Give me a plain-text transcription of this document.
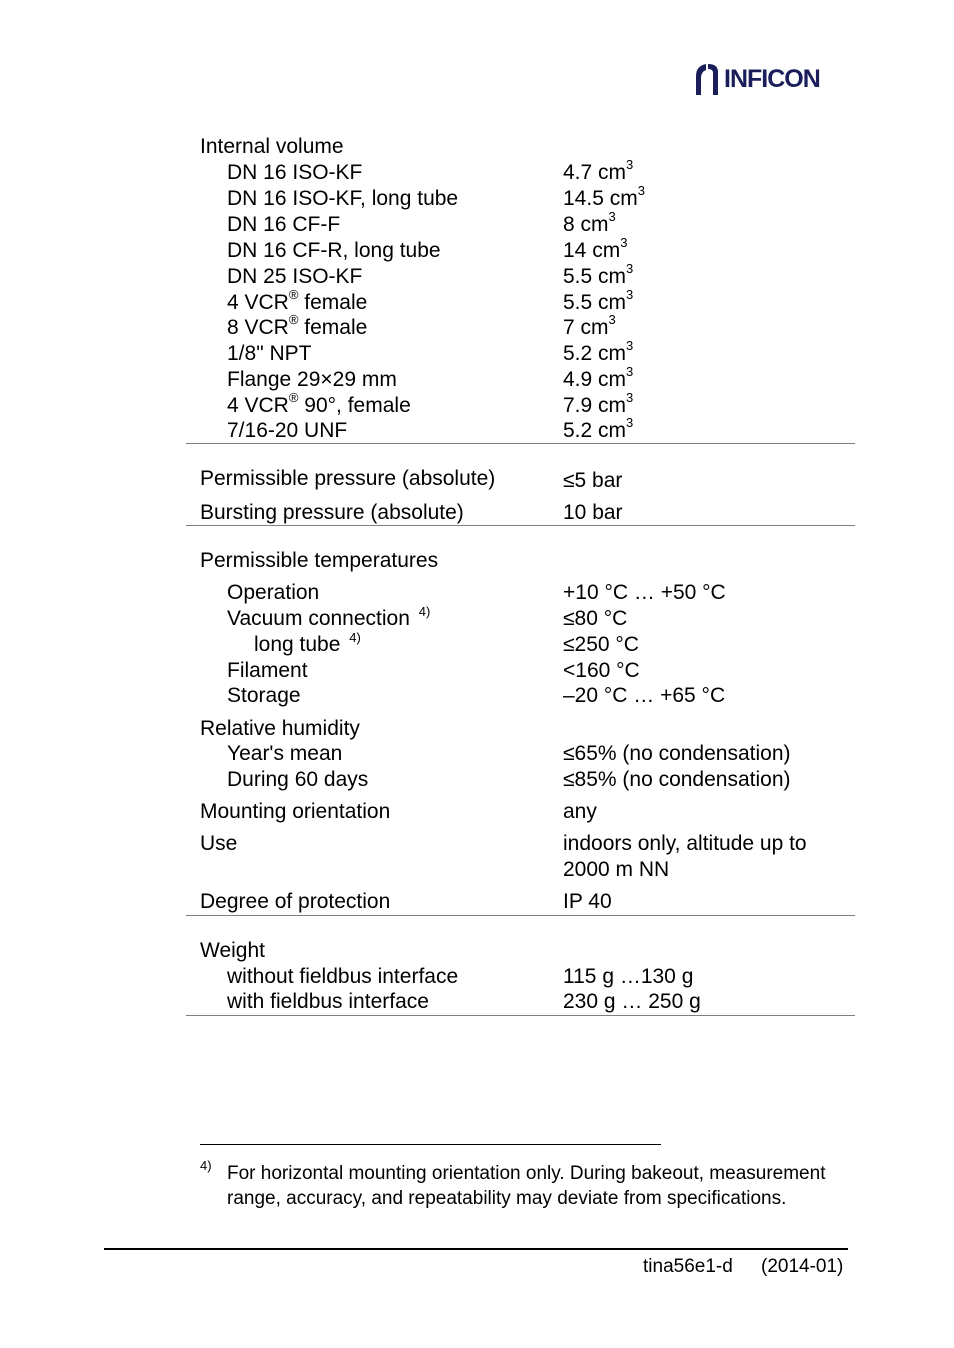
INFICON
Internal volume
DN 16 ISO-KF	4.7 $cm^3$
DN 16 ISO-KF, long tube	14.5 $cm^3$
DN 16 CF-F	8 $cm^3$
DN 16 CF-R, long tube	14 $cm^3$
DN 25 ISO-KF	5.5 $cm^3$
4 VCR® female	5.5 $cm^3$
8 VCR® female	7 $cm^3$
1/8" NPT	5.2 $cm^3$
Flange 29×29 mm	4.9 $cm^3$
4 VCR® 90°, female	7.9 $cm^3$
7/16-20 UNF	5.2 $cm^3$
Permissible pressure (absolute)	≤5 bar
Bursting pressure (absolute)	10 bar
Permissible temperatures
Operation	+10 °C … +50 °C
Vacuum connection $^{4)}$	≤80 °C
long tube $^{4)}$	≤250 °C
Filament	<160 °C
Storage	–20 °C … +65 °C
Relative humidity
Year's mean	≤65% (no condensation)
During 60 days	≤85% (no condensation)
Mounting orientation	any
Use	indoors only, altitude up to
2000 m NN
Degree of protection	IP 40
Weight
without fieldbus interface	115 g …130 g
with fieldbus interface	230 g … 250 g
4) For horizontal mounting orientation only. During bakeout, measurement range, accuracy, and repeatability may deviate from specifications.
tina56e1-d (2014-01)
